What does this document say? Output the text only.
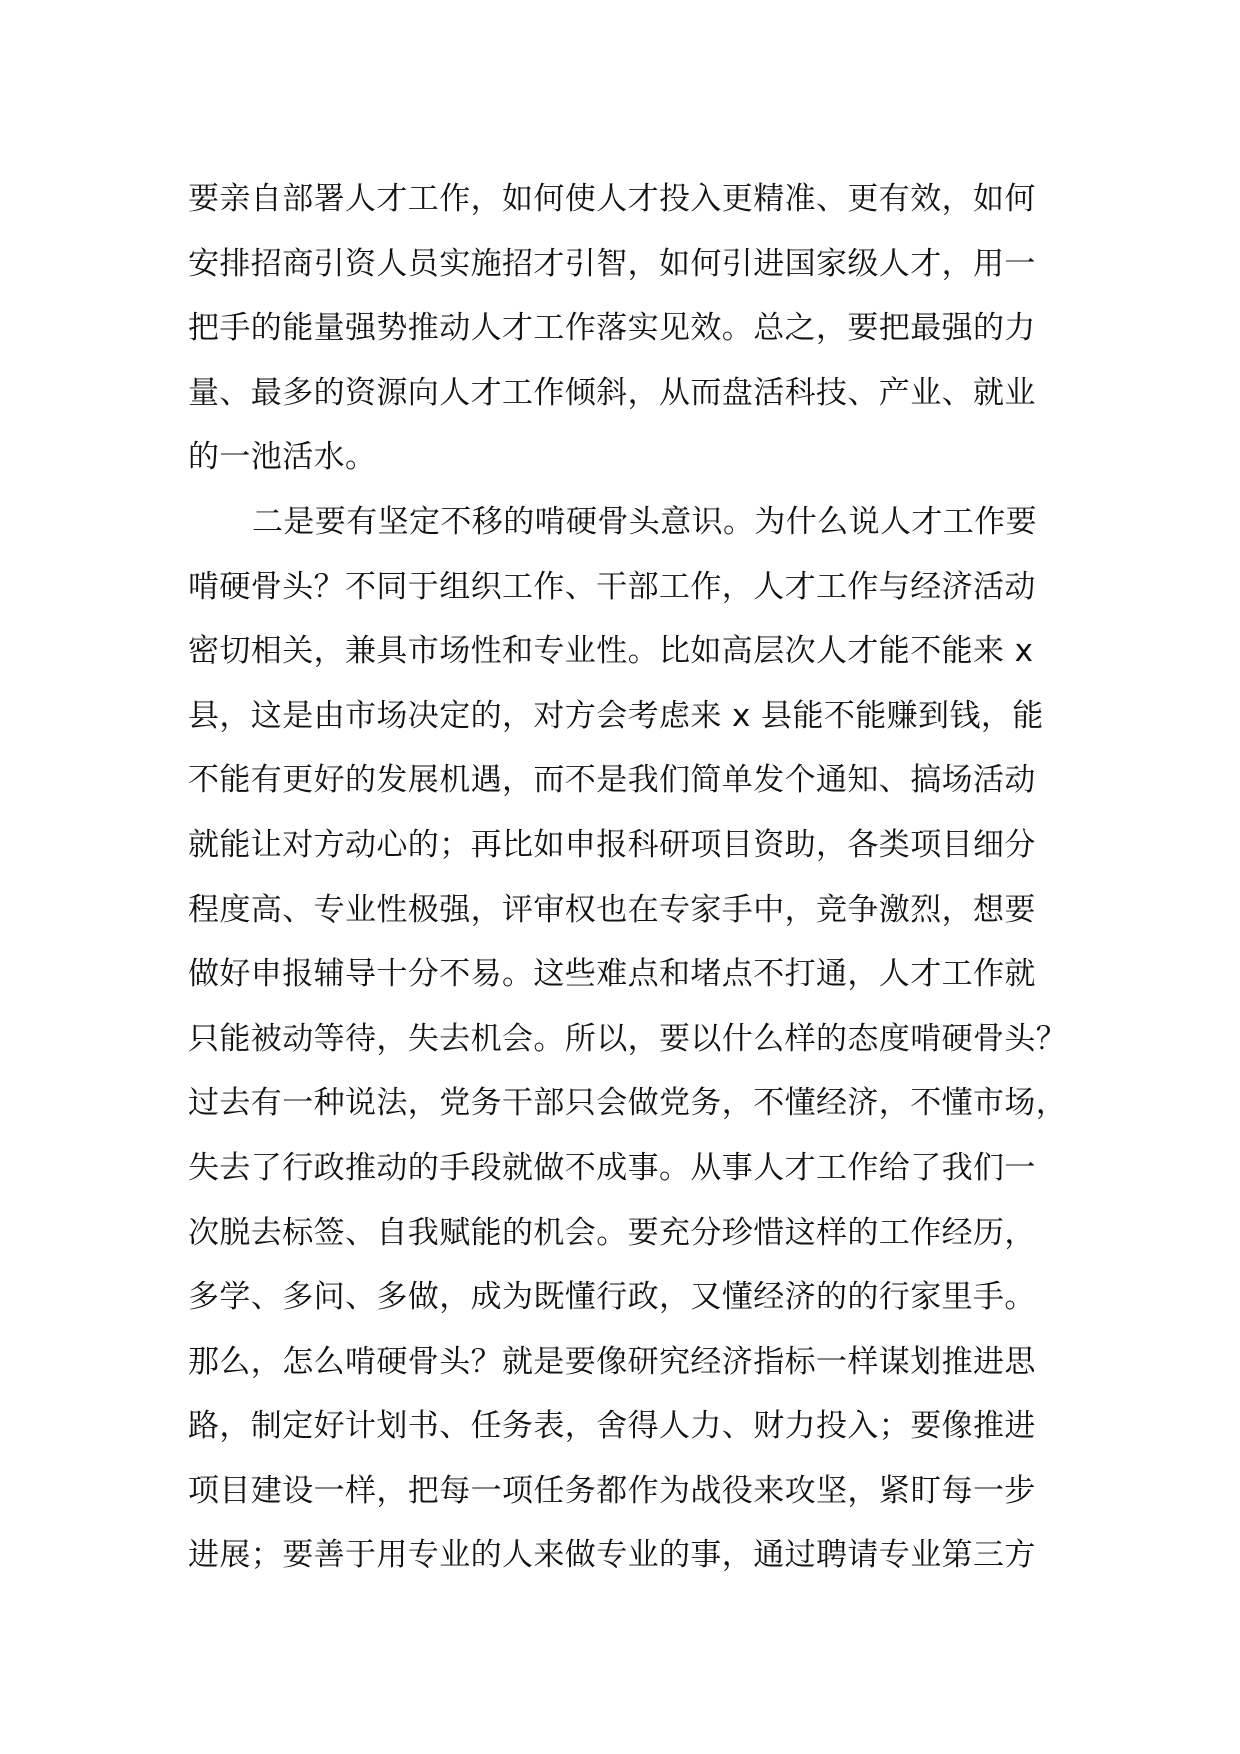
要亲自部署人才工作，如何使人才投入更精准、更有效，如何
安排招商引资人员实施招才引智，如何引进国家级人才，用一
把手的能量强势推动人才工作落实见效。总之，要把最强的力
量、最多的资源向人才工作倾斜，从而盘活科技、产业、就业
的一池活水。
二是要有坚定不移的啃硬骨头意识。为什么说人才工作要
啃硬骨头？不同于组织工作、干部工作，人才工作与经济活动
密切相关，兼具市场性和专业性。比如高层次人才能不能来 x
县，这是由市场决定的，对方会考虑来 x 县能不能赚到钱，能
不能有更好的发展机遇，而不是我们简单发个通知、搞场活动
就能让对方动心的；再比如申报科研项目资助，各类项目细分
程度高、专业性极强，评审权也在专家手中，竞争激烈，想要
做好申报辅导十分不易。这些难点和堵点不打通，人才工作就
只能被动等待，失去机会。所以，要以什么样的态度啃硬骨头？
过去有一种说法，党务干部只会做党务，不懂经济，不懂市场，
失去了行政推动的手段就做不成事。从事人才工作给了我们一
次脱去标签、自我赋能的机会。要充分珍惜这样的工作经历，
多学、多问、多做，成为既懂行政，又懂经济的的行家里手。
那么，怎么啃硬骨头？就是要像研究经济指标一样谋划推进思
路，制定好计划书、任务表，舍得人力、财力投入；要像推进
项目建设一样，把每一项任务都作为战役来攻坚，紧盯每一步
进展；要善于用专业的人来做专业的事，通过聘请专业第三方
